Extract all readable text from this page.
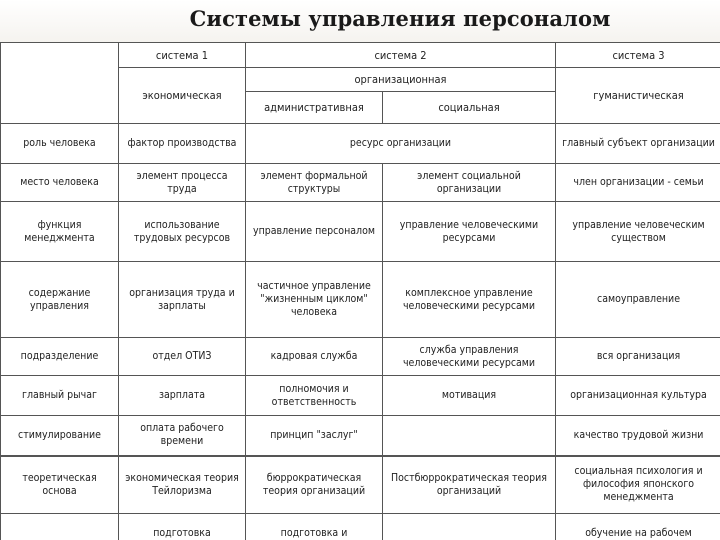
Системы управления персоналом
	система 1	система 2		система 3
	экономическая	организационная		гуманистическая
		административная	социальная	
роль человека	фактор производства	ресурс организации		главный субъект организации
место человека	элемент процесса труда	элемент формальной структуры	элемент социальной организации	член организации - семьи
функция менеджмента	использование трудовых ресурсов	управление персоналом	управление человеческими ресурсами	управление человеческим существом
содержание управления	организация труда и зарплаты	частичное управление "жизненным циклом" человека	комплексное управление человеческими ресурсами	самоуправление
подразделение	отдел ОТИЗ	кадровая служба	служба управления человеческими ресурсами	вся организация
главный рычаг	зарплата	полномочия и ответственность	мотивация	организационная культура
стимулирование	оплата рабочего времени	принцип "заслуг"		качество трудовой жизни
теоретическая основа	экономическая теория Тейлоризма	бюррократическая теория организаций	Постбюррократическая теория организаций	социальная психология и философия японского менеджмента
	подготовка	подготовка и		обучение на рабочем
